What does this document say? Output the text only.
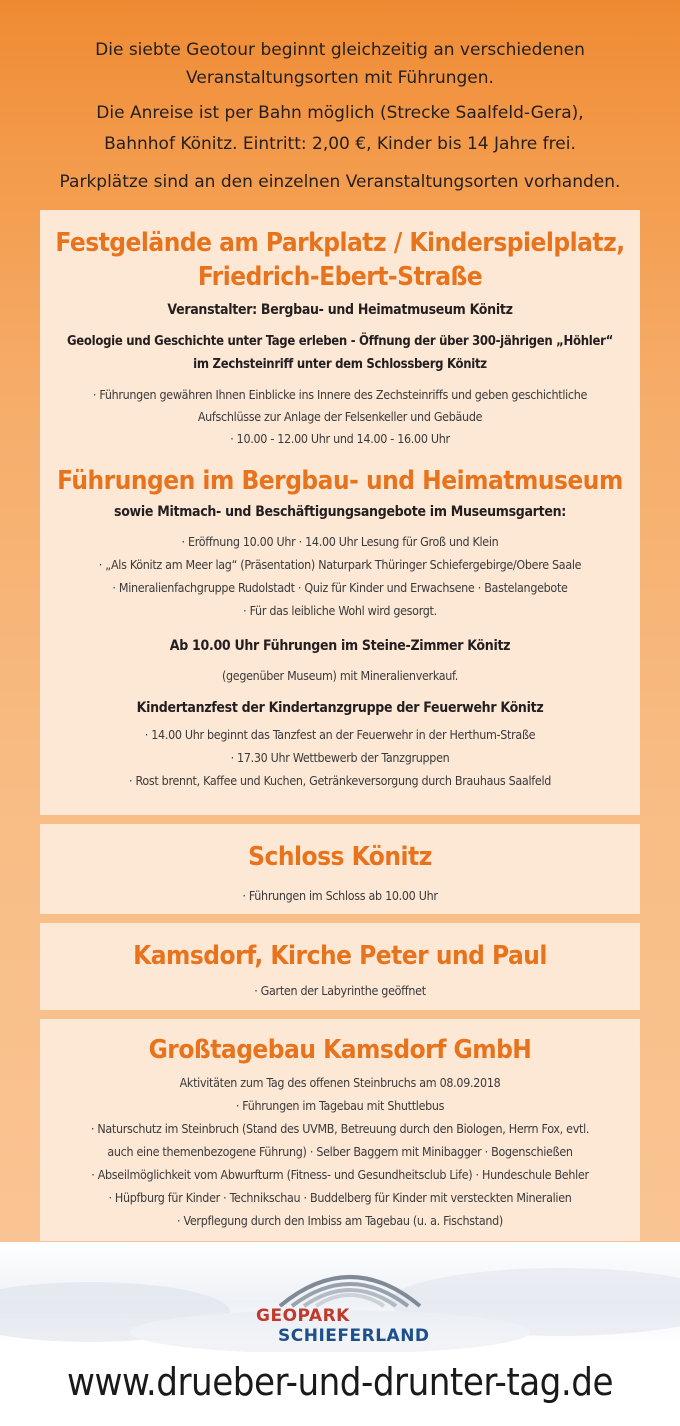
Die siebte Geotour beginnt gleichzeitig an verschiedenen

Veranstaltungsorten mit Führungen.

Die Anreise ist per Bahn möglich (Strecke Saalfeld-Gera),

Bahnhof Könitz. Eintritt: 2,00 €, Kinder bis 14 Jahre frei.

Parkplätze sind an den einzelnen Veranstaltungsorten vorhanden.

Festgelände am Parkplatz / Kinderspielplatz,

Friedrich-Ebert-Straße

Veranstalter: Bergbau- und Heimatmuseum Könitz

Geologie und Geschichte unter Tage erleben - Öffnung der über 300-jährigen „Höhler“

im Zechsteinriff unter dem Schlossberg Könitz

· Führungen gewähren Ihnen Einblicke ins Innere des Zechsteinriffs und geben geschichtliche

Aufschlüsse zur Anlage der Felsenkeller und Gebäude

· 10.00 - 12.00 Uhr und 14.00 - 16.00 Uhr

Führungen im Bergbau- und Heimatmuseum

sowie Mitmach- und Beschäftigungsangebote im Museumsgarten:

· Eröffnung 10.00 Uhr · 14.00 Uhr Lesung für Groß und Klein

· „Als Könitz am Meer lag“ (Präsentation) Naturpark Thüringer Schiefergebirge/Obere Saale

· Mineralienfachgruppe Rudolstadt · Quiz für Kinder und Erwachsene · Bastelangebote

· Für das leibliche Wohl wird gesorgt.

Ab 10.00 Uhr Führungen im Steine-Zimmer Könitz

(gegenüber Museum) mit Mineralienverkauf.

Kindertanzfest der Kindertanzgruppe der Feuerwehr Könitz

· 14.00 Uhr beginnt das Tanzfest an der Feuerwehr in der Herthum-Straße

· 17.30 Uhr Wettbewerb der Tanzgruppen

· Rost brennt, Kaffee und Kuchen, Getränkeversorgung durch Brauhaus Saalfeld

Schloss Könitz

· Führungen im Schloss ab 10.00 Uhr

Kamsdorf, Kirche Peter und Paul

· Garten der Labyrinthe geöffnet

Großtagebau Kamsdorf GmbH

Aktivitäten zum Tag des offenen Steinbruchs am 08.09.2018

· Führungen im Tagebau mit Shuttlebus

· Naturschutz im Steinbruch (Stand des UVMB, Betreuung durch den Biologen, Herrn Fox, evtl.

auch eine themenbezogene Führung) · Selber Baggern mit Minibagger · Bogenschießen

· Abseilmöglichkeit vom Abwurfturm (Fitness- und Gesundheitsclub Life) · Hundeschule Behler

· Hüpfburg für Kinder · Technikschau · Buddelberg für Kinder mit versteckten Mineralien

· Verpflegung durch den Imbiss am Tagebau (u. a. Fischstand)

GEOPARK
SCHIEFERLAND
www.drueber-und-drunter-tag.de
